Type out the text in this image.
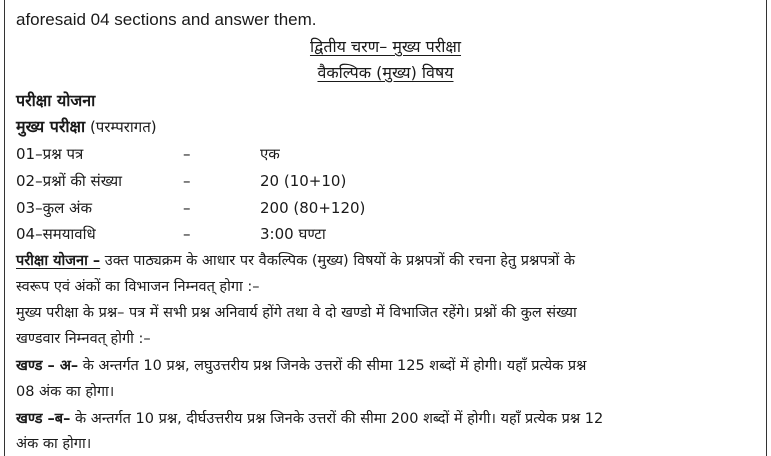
aforesaid 04 sections and answer them.
द्वितीय चरण– मुख्य परीक्षा
वैकल्पिक (मुख्य) विषय
परीक्षा योजना
मुख्य परीक्षा (परम्परागत)
01–प्रश्न पत्र	–	एक
02–प्रश्नों की संख्या	–	20 (10+10)
03–कुल अंक	–	200 (80+120)
04–समयावधि	–	3:00 घण्टा
परीक्षा योजना – उक्त पाठ्यक्रम के आधार पर वैकल्पिक (मुख्य) विषयों के प्रश्नपत्रों की रचना हेतु प्रश्नपत्रों के
स्वरूप एवं अंकों का विभाजन निम्नवत् होगा :–
मुख्य परीक्षा के प्रश्न– पत्र में सभी प्रश्न अनिवार्य होंगे तथा वे दो खण्डो में विभाजित रहेंगे। प्रश्नों की कुल संख्या
खण्डवार निम्नवत् होगी :–
खण्ड – अ– के अन्तर्गत 10 प्रश्न, लघुउत्तरीय प्रश्न जिनके उत्तरों की सीमा 125 शब्दों में होगी। यहाँ प्रत्येक प्रश्न
08 अंक का होगा।
खण्ड –ब– के अन्तर्गत 10 प्रश्न, दीर्घउत्तरीय प्रश्न जिनके उत्तरों की सीमा 200 शब्दों में होगी। यहाँ प्रत्येक प्रश्न 12
अंक का होगा।
